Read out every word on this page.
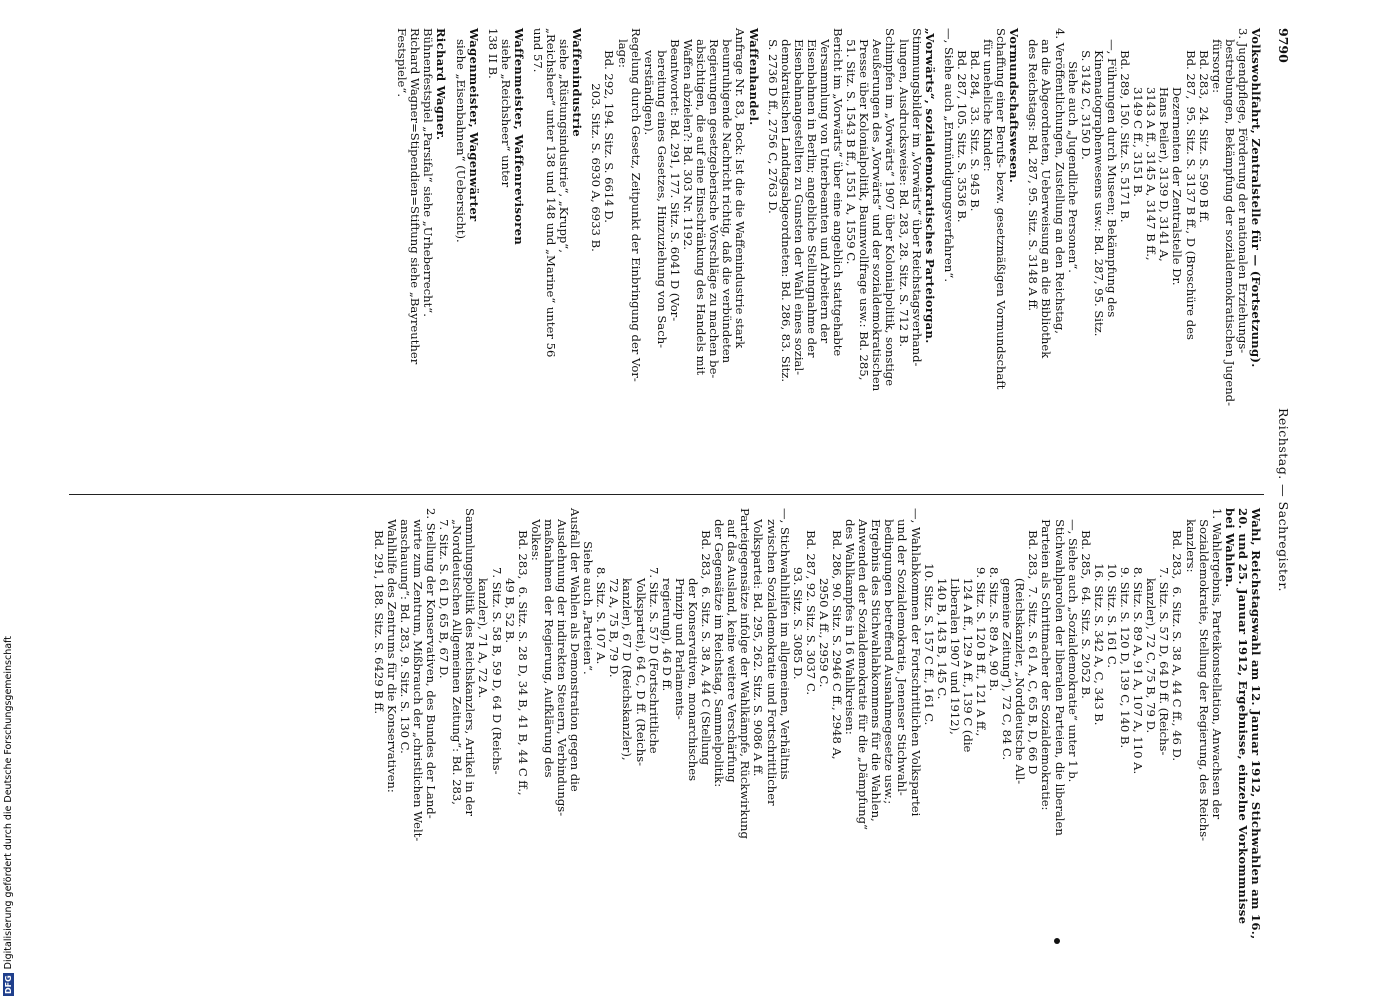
9790
Reichstag. — Sachregister.
Volkswohlfahrt, Zentralstelle für — (Fortsetzung).
3. Jugendpflege, Förderung der nationalen Erziehungs-
bestrebungen, Bekämpfung der sozialdemokratischen Jugend-
fürsorge:
Bd. 283,  24. Sitz. S. 590 B ff.
Bd. 287,  95. Sitz. S. 3137 B ff., D (Broschüre des
Dezernenten der Zentralstelle Dr.
Hans Peiler), 3139 D, 3141 A,
3143 A ff., 3145 A, 3147 B ff.,
3149 C ff., 3151 B.
Bd. 289, 150. Sitz. S. 5171 B.
—, Führungen durch Museen; Bekämpfung des
Kinematographenwesens usw.: Bd. 287, 95. Sitz.
S. 3142 C, 3150 D.
Siehe auch „Jugendliche Personen“.
4. Veröffentlichungen, Zustellung an den Reichstag,
an die Abgeordneten, Ueberweisung an die Bibliothek
des Reichstags: Bd. 287, 95. Sitz. S. 3148 A ff.
Vormundschaftswesen.
Schaffung einer Berufs- bezw. gesetzmäßigen Vormundschaft
für uneheliche Kinder:
Bd. 284,  33. Sitz. S. 945 B.
Bd. 287, 105. Sitz. S. 3536 B.
—, Siehe auch „Entmündigungsverfahren“.
„Vorwärts“, sozialdemokratisches Parteiorgan.
Stimmungsbilder im „Vorwärts“ über Reichstagsverhand-
lungen, Ausdrucksweise: Bd. 283, 28. Sitz. S. 712 B.
Schimpfen im „Vorwärts“ 1907 über Kolonialpolitik, sonstige
Aeußerungen des „Vorwärts“ und der sozialdemokratischen
Presse über Kolonialpolitik, Baumwollfrage usw.: Bd. 285,
51. Sitz. S. 1543 B ff., 1551 A, 1559 C.
Bericht im „Vorwärts“ über eine angeblich stattgehabte
Versammlung von Unterbeamten und Arbeitern der
Eisenbahnen in Berlin; angebliche Stellungnahme der
Eisenbahnangestellten zu Gunsten der Wahl eines sozial-
demokratischen Landtagsabgeordneten: Bd. 286, 83. Sitz.
S. 2736 D ff., 2756 C, 2763 D.
Waffenhandel.
Anfrage Nr. 83, Bock: Ist die die Waffenindustrie stark
beunruhigende Nachricht richtig, daß die verbündeten
Regierungen gesetzgeberische Vorschläge zu machen be-
absichtigen, die auf eine Einschränkung des Handels mit
Waffen abzielen?: Bd. 303 Nr. 1192.
Beantwortet: Bd. 291, 177. Sitz. S. 6041 D (Vor-
bereitung eines Gesetzes, Hinzuziehung von Sach-
verständigen).
Regelung durch Gesetz, Zeitpunkt der Einbringung der Vor-
lage:
Bd. 292, 194. Sitz. S. 6614 D.
203. Sitz. S. 6930 A, 6933 B.
Waffenindustrie
siehe „Rüstungsindustrie“, „Krupp“,
„Reichsheer“ unter 138 und 148 und „Marine“ unter 56
und 57.
Waffenmeister, Waffenrevisoren
siehe „Reichsheer“ unter
138 II B.
Wagenmeister, Wagenwärter
siehe „Eisenbahnen“ (Uebersicht).
Richard Wagner.
Bühnenfestspiel „Parsifal“ siehe „Urheberrecht“.
Richard Wagner=Stipendien=Stiftung siehe „Bayreuther
Festspiele“.
Wahl, Reichstagswahl am 12. Januar 1912, Stichwahlen am 16., 20. und 25. Januar 1912, Ergebnisse, einzelne Vorkommnisse bei Wahlen.
1. Wahlergebnis, Parteikonstellation, Anwachsen der
Sozialdemokratie, Stellung der Regierung, des Reichs-
kanzlers:
Bd. 283,  6. Sitz. S. 38 A, 44 C ff., 46 D.
7. Sitz. S. 57 D, 64 D ff. (Reichs-
kanzler), 72 C, 75 B, 79 D.
8. Sitz. S. 89 A, 91 A, 107 A, 110 A.
9. Sitz. S. 120 D, 139 C, 140 B.
10. Sitz. S. 161 C.
16. Sitz. S. 342 A, C, 343 B.
Bd. 285,  64. Sitz. S. 2052 B.
—, Siehe auch „Sozialdemokratie“ unter 1 b.
Stichwahlparolen der liberalen Parteien, die liberalen
Parteien als Schrittmacher der Sozialdemokratie:
Bd. 283,  7. Sitz. S. 61 A, C, 65 B, D, 66 D
(Reichskanzler, „Norddeutsche All-
gemeine Zeitung“), 72 C, 84 C.
8. Sitz. S. 89 A, 90 B.
9. Sitz. S. 120 B ff., 121 A ff.,
124 A ff., 129 A ff., 139 C (die
Liberalen 1907 und 1912),
140 B, 143 B, 145 C.
10. Sitz. S. 157 C ff., 161 C.
—, Wahlabkommen der Fortschrittlichen Volkspartei
und der Sozialdemokratie, Jenenser Stichwahl-
bedingungen betreffend Ausnahmegesetze usw.;
Ergebnis des Stichwahlabkommens für die Wahlen,
Anwenden der Sozialdemokratie für die „Dämpfung“
des Wahlkampfes in 16 Wahlkreisen:
Bd. 286, 90. Sitz. S. 2946 C ff., 2948 A,
2950 A ff., 2959 C.
Bd. 287, 92. Sitz. S. 3037 C.
93. Sitz. S. 3085 D.
—, Stichwahlhilfen im allgemeinen, Verhältnis
zwischen Sozialdemokratie und Fortschrittlicher
Volkspartei: Bd. 295, 262. Sitz. S. 9086 A ff.
Parteigegensätze infolge der Wahlkämpfe, Rückwirkung
auf das Ausland, keine weitere Verschärfung
der Gegensätze im Reichstag, Sammelpolitik:
Bd. 283,  6. Sitz. S. 38 A, 44 C (Stellung
der Konservativen, monarchisches
Prinzip und Parlaments-
regierung), 46 D ff.
7. Sitz. S. 57 D (Fortschrittliche
Volkspartei), 64 C, D ff. (Reichs-
kanzler), 67 D (Reichskanzler),
72 A, 75 B, 79 D.
8. Sitz. S. 107 A.
Siehe auch „Parteien“.
Ausfall der Wahlen als Demonstration gegen die
Ausdehnung der indirekten Steuern, Verbindungs-
maßnahmen der Regierung, Aufklärung des
Volkes:
Bd. 283,  6. Sitz. S. 28 D, 34 B, 41 B, 44 C ff.,
49 B, 52 B.
7. Sitz. S. 58 B, 59 D, 64 D (Reichs-
kanzler), 71 A, 72 A.
Sammlungspolitik des Reichskanzlers, Artikel in der
„Norddeutschen Allgemeinen Zeitung“: Bd. 283,
7. Sitz. S. 61 D, 65 B, 67 D.
2. Stellung der Konservativen, des Bundes der Land-
wirte zum Zentrum, Mißbrauch der „christlichen Welt-
anschauung“: Bd. 283, 9. Sitz. S. 130 C.
Wahlhilfe des Zentrums für die Konservativen:
Bd. 291, 188. Sitz. S. 6429 B ff.
DFGDigitalisierung gefördert durch die Deutsche Forschungsgemeinschaft
